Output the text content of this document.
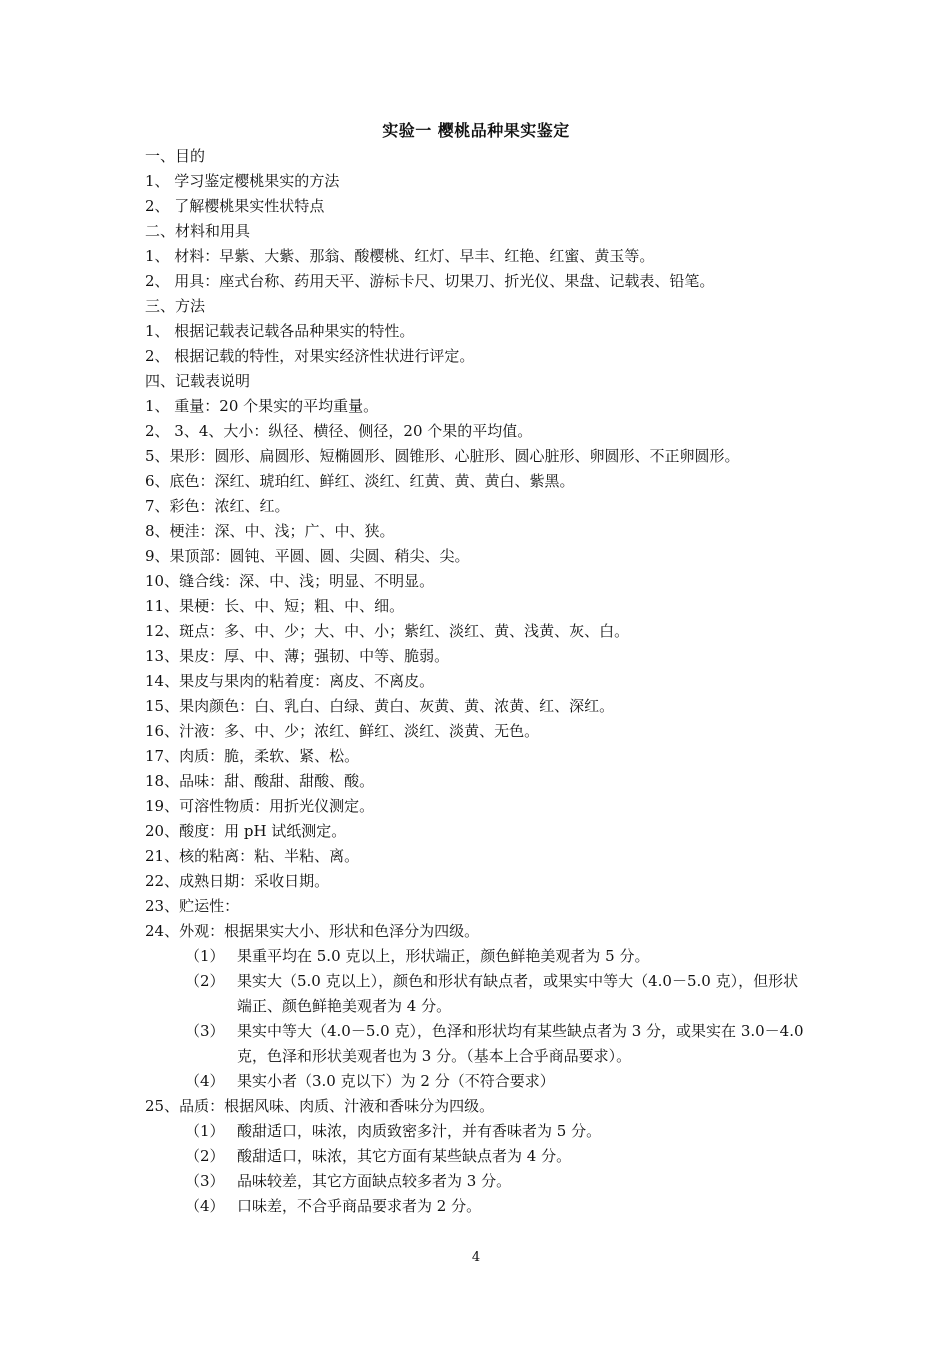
实验一 樱桃品种果实鉴定
一、目的
1、 学习鉴定樱桃果实的方法
2、 了解樱桃果实性状特点
二、材料和用具
1、 材料：早紫、大紫、那翁、酸樱桃、红灯、早丰、红艳、红蜜、黄玉等。
2、 用具：座式台称、药用天平、游标卡尺、切果刀、折光仪、果盘、记载表、铅笔。
三、方法
1、 根据记载表记载各品种果实的特性。
2、 根据记载的特性，对果实经济性状进行评定。
四、记载表说明
1、 重量：20 个果实的平均重量。
2、 3、4、大小：纵径、横径、侧径，20 个果的平均值。
5、果形：圆形、扁圆形、短椭圆形、圆锥形、心脏形、圆心脏形、卵圆形、不正卵圆形。
6、底色：深红、琥珀红、鲜红、淡红、红黄、黄、黄白、紫黑。
7、彩色：浓红、红。
8、梗洼：深、中、浅；广、中、狭。
9、果顶部：圆钝、平圆、圆、尖圆、稍尖、尖。
10、缝合线：深、中、浅；明显、不明显。
11、果梗：长、中、短；粗、中、细。
12、斑点：多、中、少；大、中、小；紫红、淡红、黄、浅黄、灰、白。
13、果皮：厚、中、薄；强韧、中等、脆弱。
14、果皮与果肉的粘着度：离皮、不离皮。
15、果肉颜色：白、乳白、白绿、黄白、灰黄、黄、浓黄、红、深红。
16、汁液：多、中、少；浓红、鲜红、淡红、淡黄、无色。
17、肉质：脆，柔软、紧、松。
18、品味：甜、酸甜、甜酸、酸。
19、可溶性物质：用折光仪测定。
20、酸度：用 pH 试纸测定。
21、核的粘离：粘、半粘、离。
22、成熟日期：采收日期。
23、贮运性：
24、外观：根据果实大小、形状和色泽分为四级。
（1） 果重平均在 5.0 克以上，形状端正，颜色鲜艳美观者为 5 分。
（2） 果实大（5.0 克以上），颜色和形状有缺点者，或果实中等大（4.0－5.0 克），但形状端正、颜色鲜艳美观者为 4 分。
（3） 果实中等大（4.0－5.0 克），色泽和形状均有某些缺点者为 3 分，或果实在 3.0－4.0 克，色泽和形状美观者也为 3 分。（基本上合乎商品要求）。
（4） 果实小者（3.0 克以下）为 2 分（不符合要求）
25、品质：根据风味、肉质、汁液和香味分为四级。
（1） 酸甜适口，味浓，肉质致密多汁，并有香味者为 5 分。
（2） 酸甜适口，味浓，其它方面有某些缺点者为 4 分。
（3） 品味较差，其它方面缺点较多者为 3 分。
（4） 口味差，不合乎商品要求者为 2 分。
4
